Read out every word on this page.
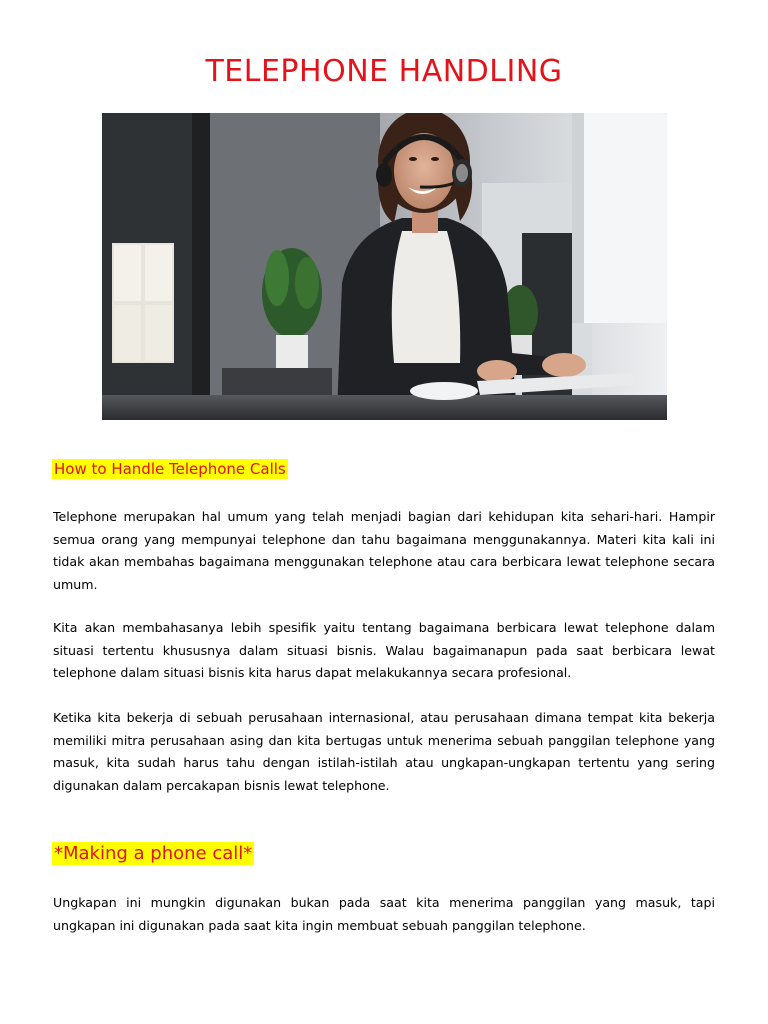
TELEPHONE HANDLING
How to Handle Telephone Calls

Telephone merupakan hal umum yang telah menjadi bagian dari kehidupan kita sehari-hari. Hampir semua orang yang mempunyai telephone dan tahu bagaimana menggunakannya. Materi kita kali ini tidak akan membahas bagaimana menggunakan telephone atau cara berbicara lewat telephone secara umum.

Kita akan membahasanya lebih spesifik yaitu tentang bagaimana berbicara lewat telephone dalam situasi tertentu khususnya dalam situasi bisnis. Walau bagaimanapun pada saat berbicara lewat telephone dalam situasi bisnis kita harus dapat melakukannya secara profesional.

Ketika kita bekerja di sebuah perusahaan internasional, atau perusahaan dimana tempat kita bekerja memiliki mitra perusahaan asing dan kita bertugas untuk menerima sebuah panggilan telephone yang masuk, kita sudah harus tahu dengan istilah-istilah atau ungkapan-ungkapan tertentu yang sering digunakan dalam percakapan bisnis lewat telephone.

*Making a phone call*

Ungkapan ini mungkin digunakan bukan pada saat kita menerima panggilan yang masuk, tapi ungkapan ini digunakan pada saat kita ingin membuat sebuah panggilan telephone.
